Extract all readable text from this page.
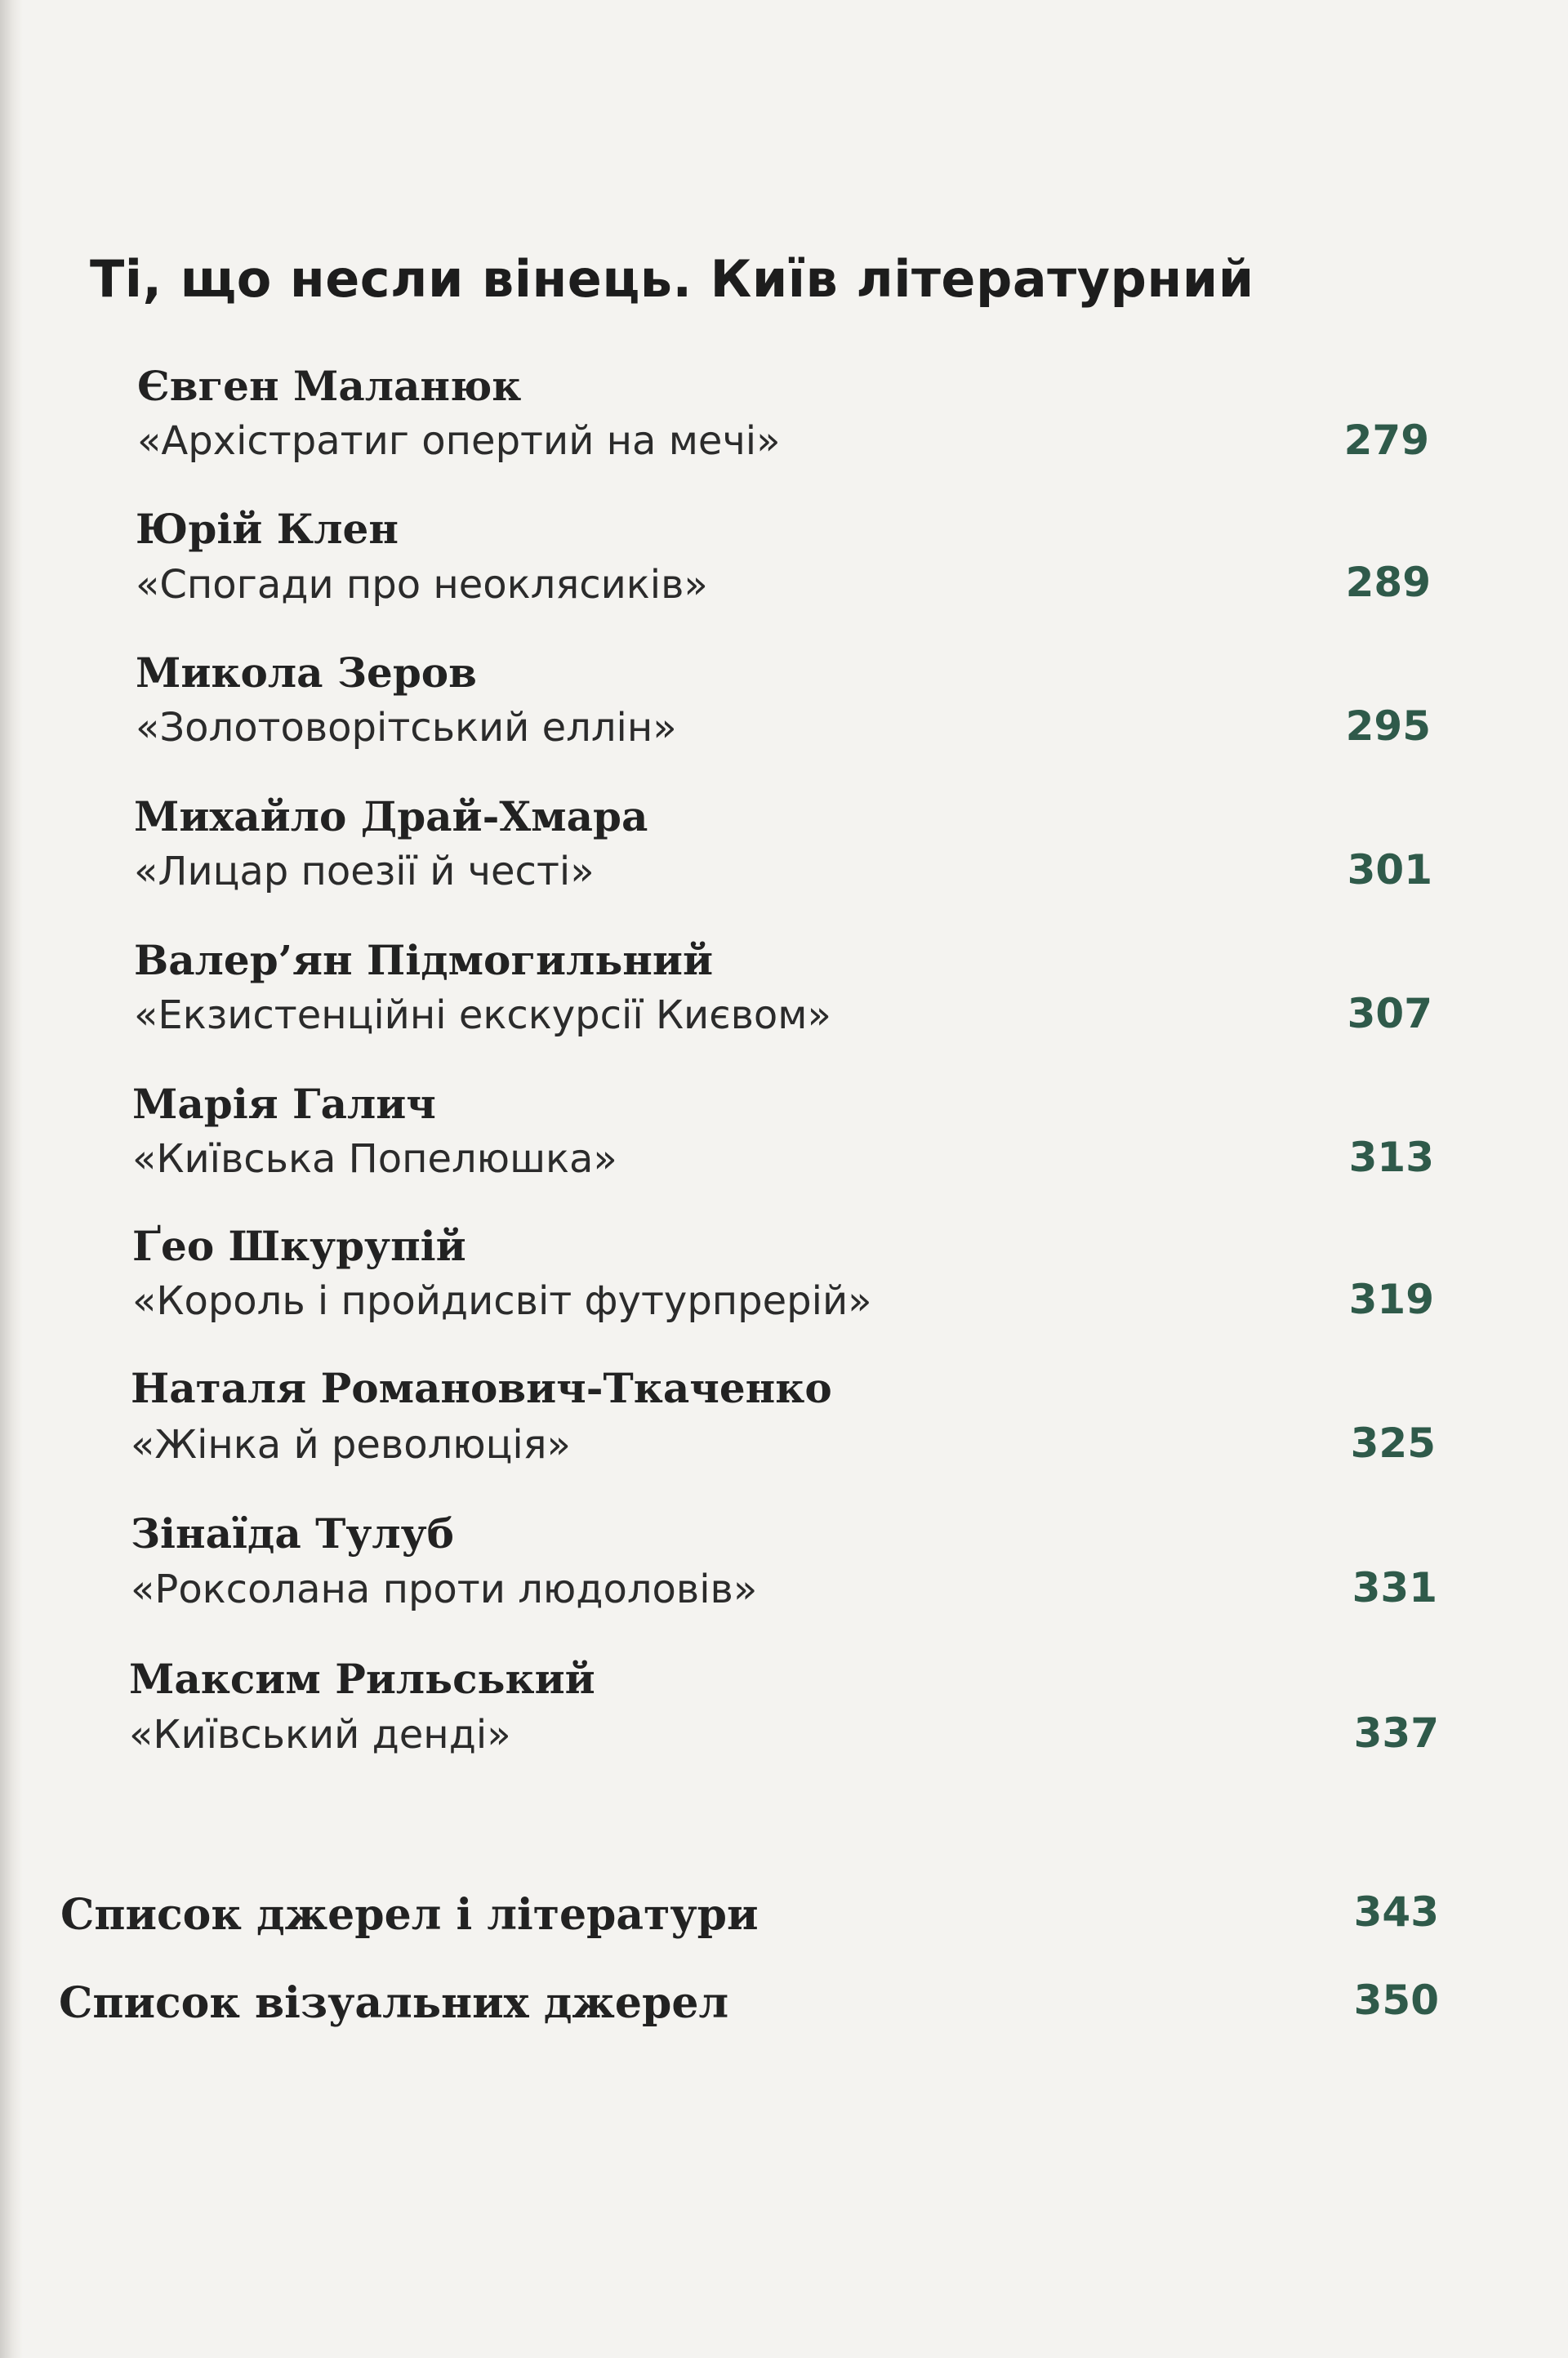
Ті, що несли вінець. Київ літературний
Євген Маланюк
«Архістратиг опертий на мечі»	279
Юрій Клен
«Спогади про неоклясиків»	289
Микола Зеров
«Золотоворітський еллін»	295
Михайло Драй-Хмара
«Лицар поезії й честі»	301
Валер’ян Підмогильний
«Екзистенційні екскурсії Києвом»	307
Марія Галич
«Київська Попелюшка»	313
Ґео Шкурупій
«Король і пройдисвіт футурпрерій»	319
Наталя Романович-Ткаченко
«Жінка й революція»	325
Зінаїда Тулуб
«Роксолана проти людоловів»	331
Максим Рильський
«Київський денді»	337
Список джерел і літератури	343
Список візуальних джерел	350
